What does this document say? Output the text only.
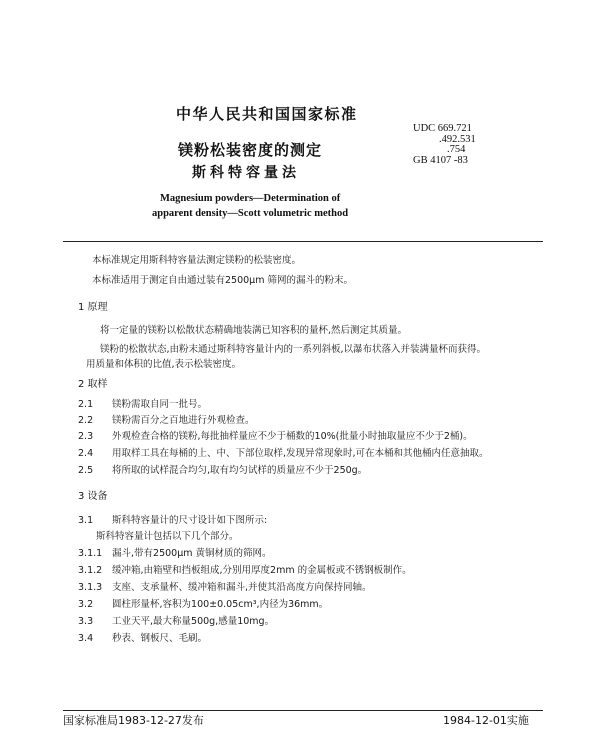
中华人民共和国国家标准
镁粉松装密度的测定
斯科特容量法
UDC 669.721
.492.531
.754
GB 4107 -83
Magnesium powders—Determination of
apparent density—Scott volumetric method
本标准规定用斯科特容量法测定镁粉的松装密度。
本标准适用于测定自由通过装有2500μm 筛网的漏斗的粉末。
1 原理
将一定量的镁粉以松散状态精确地装满已知容积的量杯,然后测定其质量。
镁粉的松散状态,由粉末通过斯科特容量计内的一系列斜板,以瀑布状落入并装满量杯而获得。
用质量和体积的比值,表示松装密度。
2 取样
2.1 镁粉需取自同一批号。
2.2 镁粉需百分之百地进行外观检查。
2.3 外观检查合格的镁粉,每批抽样量应不少于桶数的10%(批量小时抽取量应不少于2桶)。
2.4 用取样工具在每桶的上、中、下部位取样,发现异常现象时,可在本桶和其他桶内任意抽取。
2.5 将所取的试样混合均匀,取有均匀试样的质量应不少于250g。
3 设备
3.1 斯科特容量计的尺寸设计如下图所示:
斯科特容量计包括以下几个部分。
3.1.1 漏斗,带有2500μm 黄铜材质的筛网。
3.1.2 缓冲箱,由箱壁和挡板组成,分别用厚度2mm 的金属板或不锈钢板制作。
3.1.3 支座、支承量杯、缓冲箱和漏斗,并使其沿高度方向保持同轴。
3.2 圆柱形量杯,容积为100±0.05cm³,内径为36mm。
3.3 工业天平,最大称量500g,感量10mg。
3.4 秒表、钢板尺、毛刷。
国家标准局1983-12-27发布	1984-12-01实施
